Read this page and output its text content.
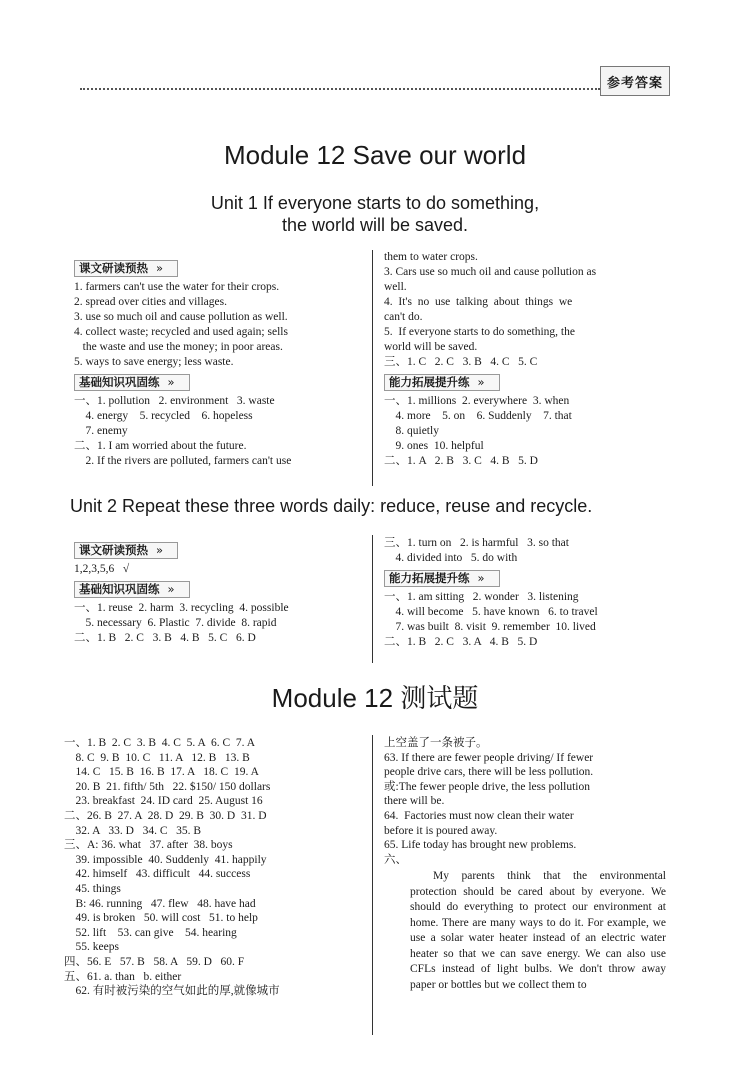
参考答案
Module 12 Save our world
Unit 1 If everyone starts to do something,
the world will be saved.
课文研读预热 »
1. farmers can't use the water for their crops.
2. spread over cities and villages.
3. use so much oil and cause pollution as well.
4. collect waste; recycled and used again; sells
the waste and use the money; in poor areas.
5. ways to save energy; less waste.
基础知识巩固练 »
一、1. pollution   2. environment   3. waste
4. energy    5. recycled    6. hopeless
7. enemy
二、1. I am worried about the future.
2. If the rivers are polluted, farmers can't use
them to water crops.
3. Cars use so much oil and cause pollution as
well.
4.  It's  no  use  talking  about  things  we
can't do.
5.  If everyone starts to do something, the
world will be saved.
三、1. C   2. C   3. B   4. C   5. C
能力拓展提升练 »
一、1. millions  2. everywhere  3. when
4. more    5. on    6. Suddenly    7. that
8. quietly
9. ones  10. helpful
二、1. A   2. B   3. C   4. B   5. D
Unit 2 Repeat these three words daily: reduce, reuse and recycle.
课文研读预热 »
1,2,3,5,6   √
基础知识巩固练 »
一、1. reuse  2. harm  3. recycling  4. possible
5. necessary  6. Plastic  7. divide  8. rapid
二、1. B   2. C   3. B   4. B   5. C   6. D
三、1. turn on   2. is harmful   3. so that
4. divided into   5. do with
能力拓展提升练 »
一、1. am sitting   2. wonder   3. listening
4. will become   5. have known   6. to travel
7. was built  8. visit  9. remember  10. lived
二、1. B   2. C   3. A   4. B   5. D
Module 12 测试题
一、1. B  2. C  3. B  4. C  5. A  6. C  7. A
8. C  9. B  10. C   11. A   12. B   13. B
14. C   15. B  16. B  17. A   18. C  19. A
20. B  21. fifth/ 5th   22. $150/ 150 dollars
23. breakfast  24. ID card  25. August 16
二、26. B  27. A  28. D  29. B  30. D  31. D
32. A   33. D   34. C   35. B
三、A: 36. what   37. after  38. boys
39. impossible  40. Suddenly  41. happily
42. himself   43. difficult   44. success
45. things
B: 46. running   47. flew   48. have had
49. is broken   50. will cost   51. to help
52. lift    53. can give    54. hearing
55. keeps
四、56. E   57. B   58. A   59. D   60. F
五、61. a. than   b. either
62. 有时被污染的空气如此的厚,就像城市
上空盖了一条被子。
63. If there are fewer people driving/ If fewer
people drive cars, there will be less pollution.
或:The fewer people drive, the less pollution
there will be.
64.  Factories must now clean their water
before it is poured away.
65. Life today has brought new problems.
六、
My parents think that the environmental protection should be cared about by everyone. We should do everything to protect our environment at home. There are many ways to do it. For example, we use a solar water heater instead of an electric water heater so that we can save energy. We can also use CFLs instead of light bulbs. We don't throw away paper or bottles but we collect them to
